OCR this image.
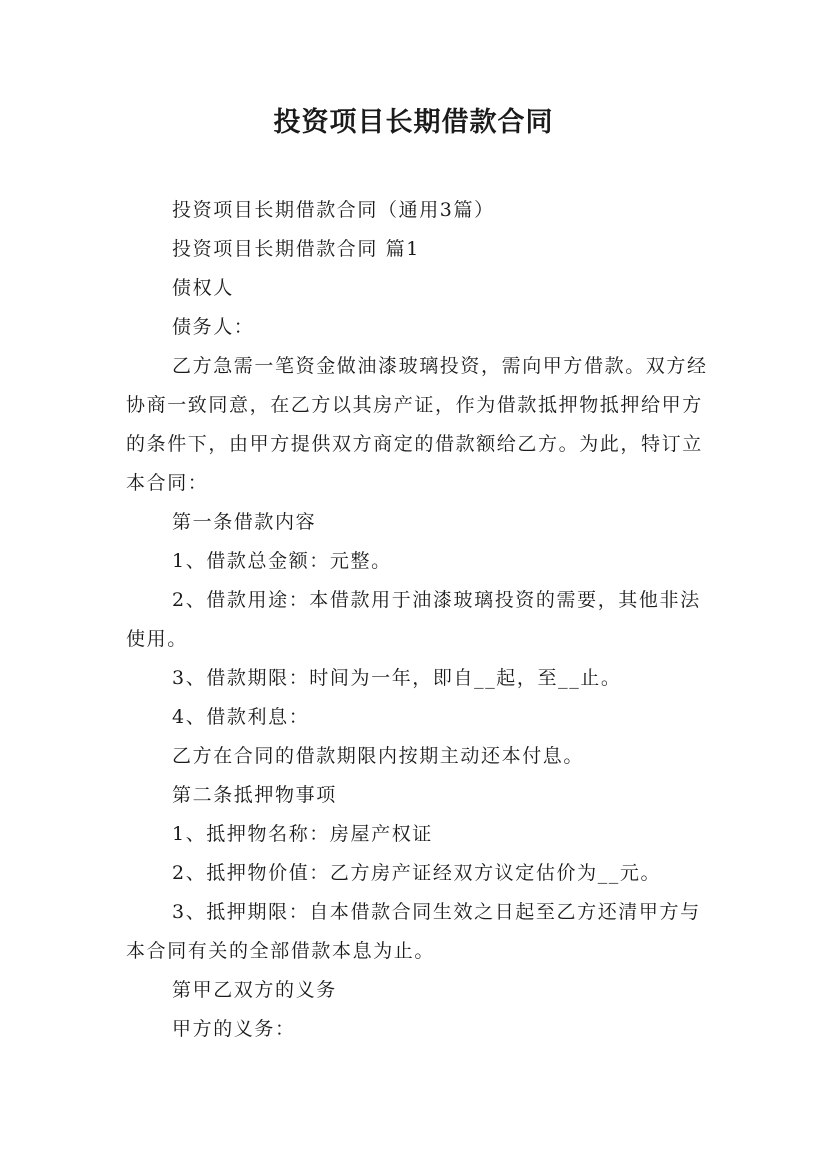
投资项目长期借款合同

投资项目长期借款合同（通用3篇）

投资项目长期借款合同 篇1

债权人

债务人：

乙方急需一笔资金做油漆玻璃投资，需向甲方借款。双方经协商一致同意，在乙方以其房产证，作为借款抵押物抵押给甲方的条件下，由甲方提供双方商定的借款额给乙方。为此，特订立本合同：

第一条借款内容

1、借款总金额：元整。

2、借款用途：本借款用于油漆玻璃投资的需要，其他非法使用。

3、借款期限：时间为一年，即自__起，至__止。

4、借款利息：

乙方在合同的借款期限内按期主动还本付息。

第二条抵押物事项

1、抵押物名称：房屋产权证

2、抵押物价值：乙方房产证经双方议定估价为__元。

3、抵押期限：自本借款合同生效之日起至乙方还清甲方与本合同有关的全部借款本息为止。

第甲乙双方的义务

甲方的义务：
